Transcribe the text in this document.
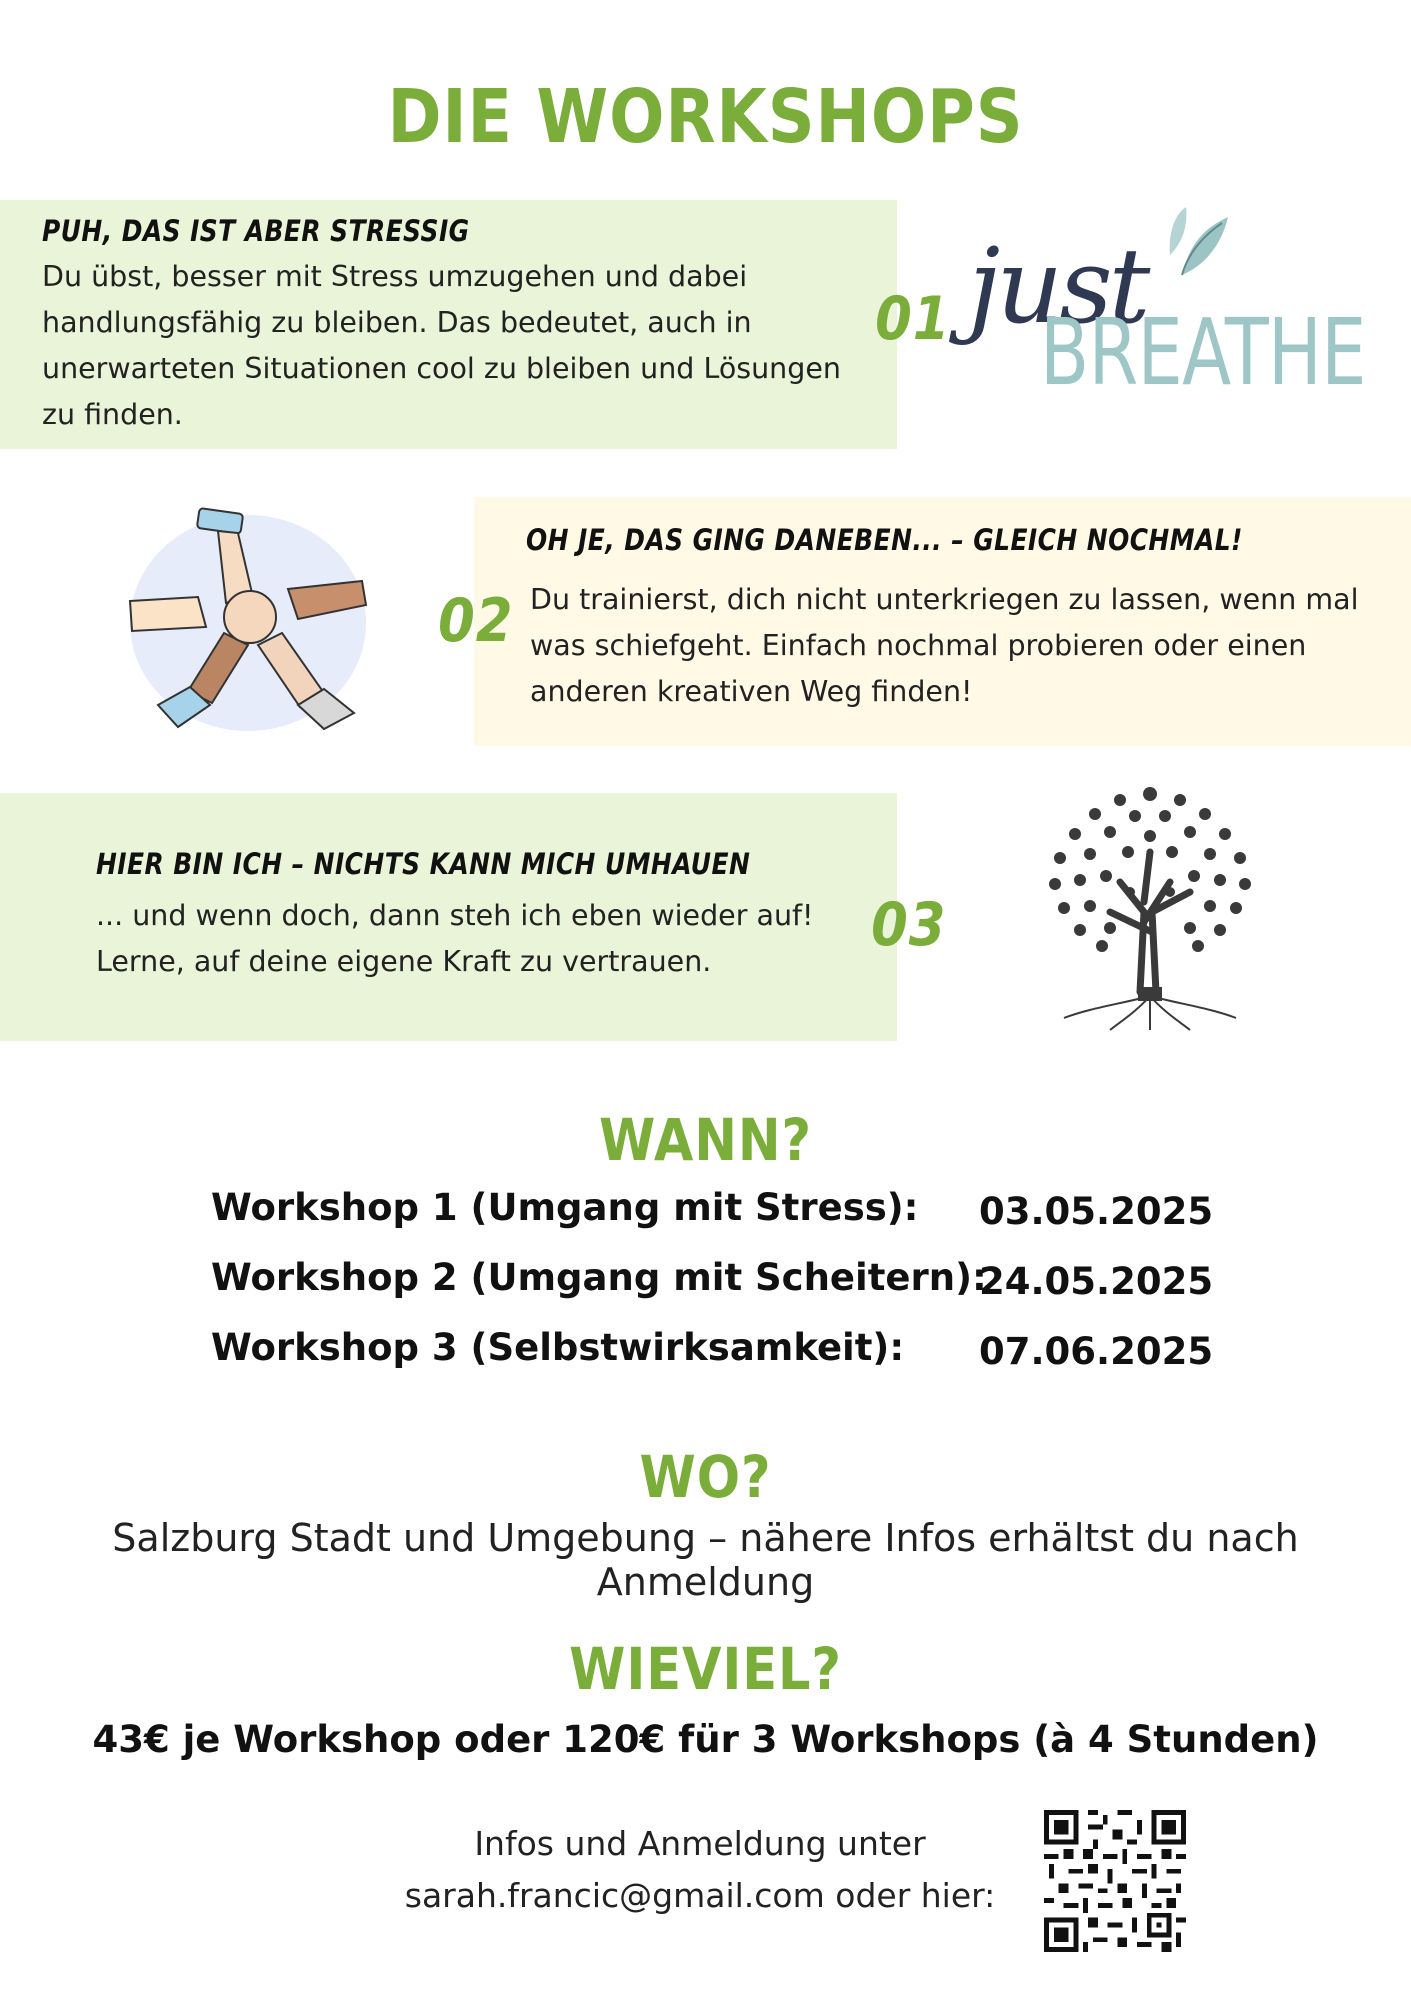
DIE WORKSHOPS
PUH, DAS IST ABER STRESSIG
Du übst, besser mit Stress umzugehen und dabei handlungsfähig zu bleiben. Das bedeutet, auch in unerwarteten Situationen cool zu bleiben und Lösungen zu finden.
01 just
BREATHE
OH JE, DAS GING DANEBEN... – GLEICH NOCHMAL!
Du trainierst, dich nicht unterkriegen zu lassen, wenn mal was schiefgeht. Einfach nochmal probieren oder einen anderen kreativen Weg finden!
02
HIER BIN ICH – NICHTS KANN MICH UMHAUEN
... und wenn doch, dann steh ich eben wieder auf! Lerne, auf deine eigene Kraft zu vertrauen.
03
WANN?
Workshop 1 (Umgang mit Stress): 03.05.2025
Workshop 2 (Umgang mit Scheitern):
24.05.2025
Workshop 3 (Selbstwirksamkeit): 07.06.2025
WO?
Salzburg Stadt und Umgebung – nähere Infos erhältst du nach Anmeldung
WIEVIEL?
43€ je Workshop oder 120€ für 3 Workshops (à 4 Stunden)
Infos und Anmeldung unter
sarah.francic@gmail.com oder hier:
